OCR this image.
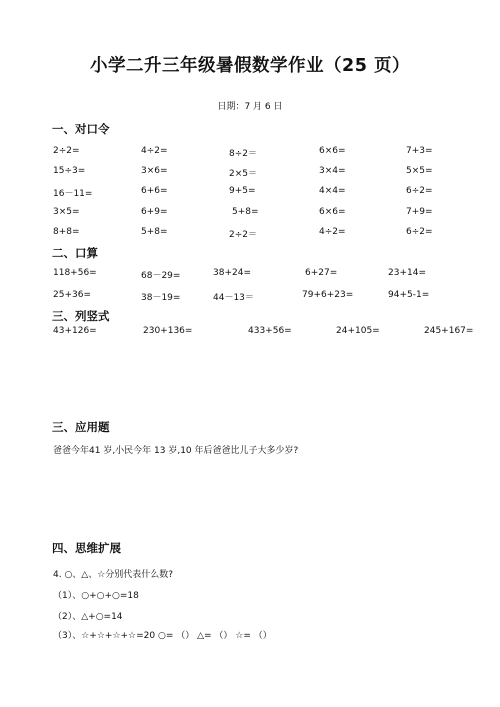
小学二升三年级暑假数学作业（25 页）
日期：7 月 6 日
一、对口令
2÷2=	4÷2=	8÷2＝	6×6=	7+3=
15÷3=	3×6=	2×5＝	3×4=	5×5=
16－11=	6+6=	9+5=	4×4=	6÷2=
3×5=	6+9=	5+8=	6×6=	7+9=
8+8=	5+8=	2÷2＝	4÷2=	6÷2=
二、口算
118+56=	68－29=	38+24=	6+27=	23+14=
25+36=	38－19=	44－13＝	79+6+23=	94+5-1=
三、列竖式
43+126=	230+136=	433+56=	24+105=	245+167=
三、应用题
爸爸今年41 岁,小民今年 13 岁,10 年后爸爸比儿子大多少岁?
四、思维扩展
4. ○、△、☆分别代表什么数?
（1）、○+○+○=18
（2）、△+○=14
（3）、☆+☆+☆+☆=20 ○= （） △= （） ☆= （）
